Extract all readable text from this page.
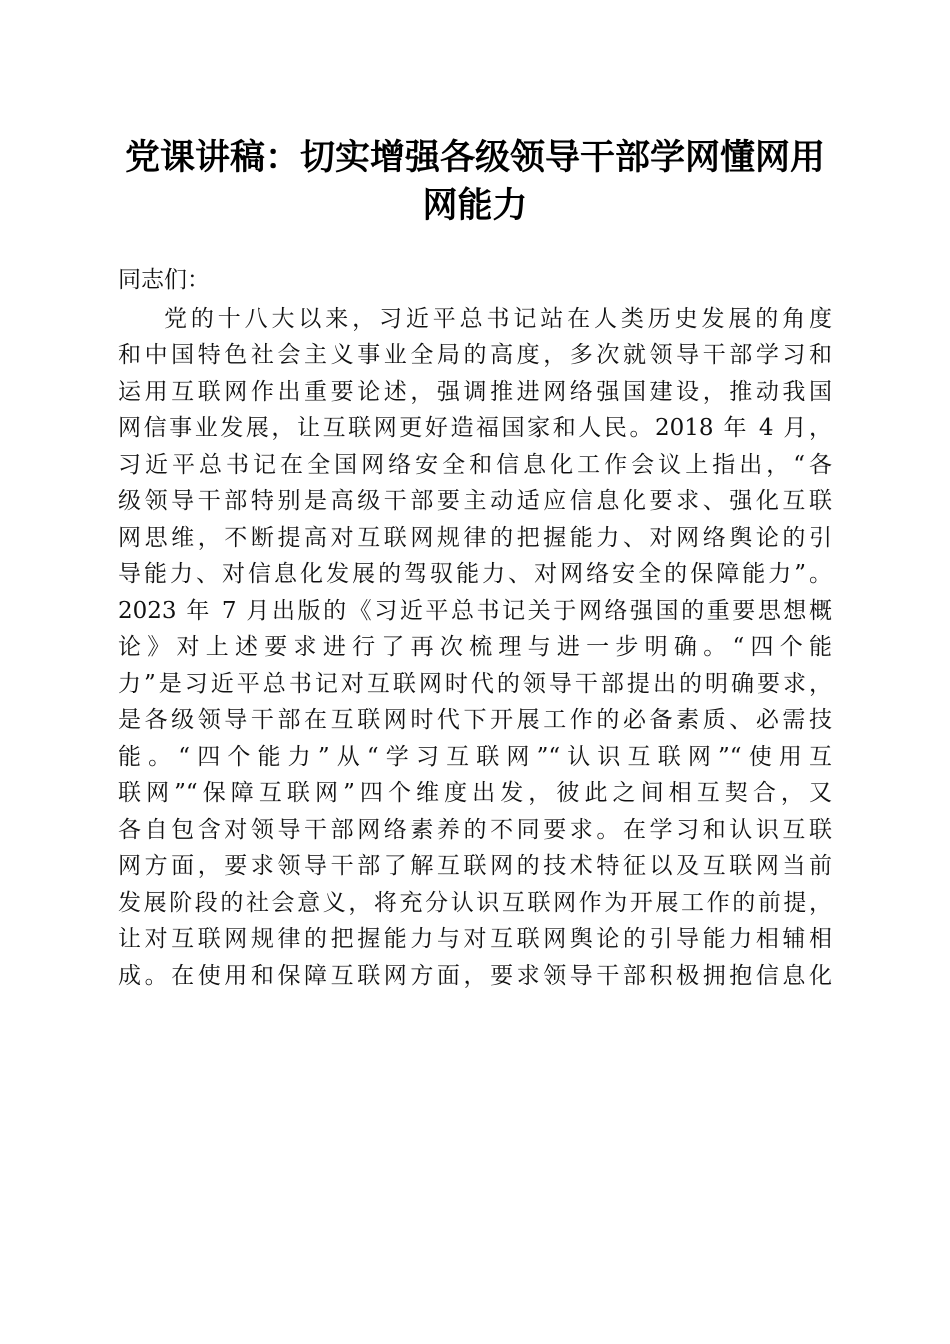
党课讲稿：切实增强各级领导干部学网懂网用
网能力
同志们：
党的十八大以来，习近平总书记站在人类历史发展的角度
和中国特色社会主义事业全局的高度，多次就领导干部学习和
运用互联网作出重要论述，强调推进网络强国建设，推动我国
网信事业发展，让互联网更好造福国家和人民。2018 年 4 月，
习近平总书记在全国网络安全和信息化工作会议上指出，“各
级领导干部特别是高级干部要主动适应信息化要求、强化互联
网思维，不断提高对互联网规律的把握能力、对网络舆论的引
导能力、对信息化发展的驾驭能力、对网络安全的保障能力”。
2023 年 7 月出版的《习近平总书记关于网络强国的重要思想概
论》对上述要求进行了再次梳理与进一步明确。“四个能
力”是习近平总书记对互联网时代的领导干部提出的明确要求，
是各级领导干部在互联网时代下开展工作的必备素质、必需技
能。“四个能力”从“学习互联网”“认识互联网”“使用互
联网”“保障互联网”四个维度出发，彼此之间相互契合，又
各自包含对领导干部网络素养的不同要求。在学习和认识互联
网方面，要求领导干部了解互联网的技术特征以及互联网当前
发展阶段的社会意义，将充分认识互联网作为开展工作的前提，
让对互联网规律的把握能力与对互联网舆论的引导能力相辅相
成。在使用和保障互联网方面，要求领导干部积极拥抱信息化
